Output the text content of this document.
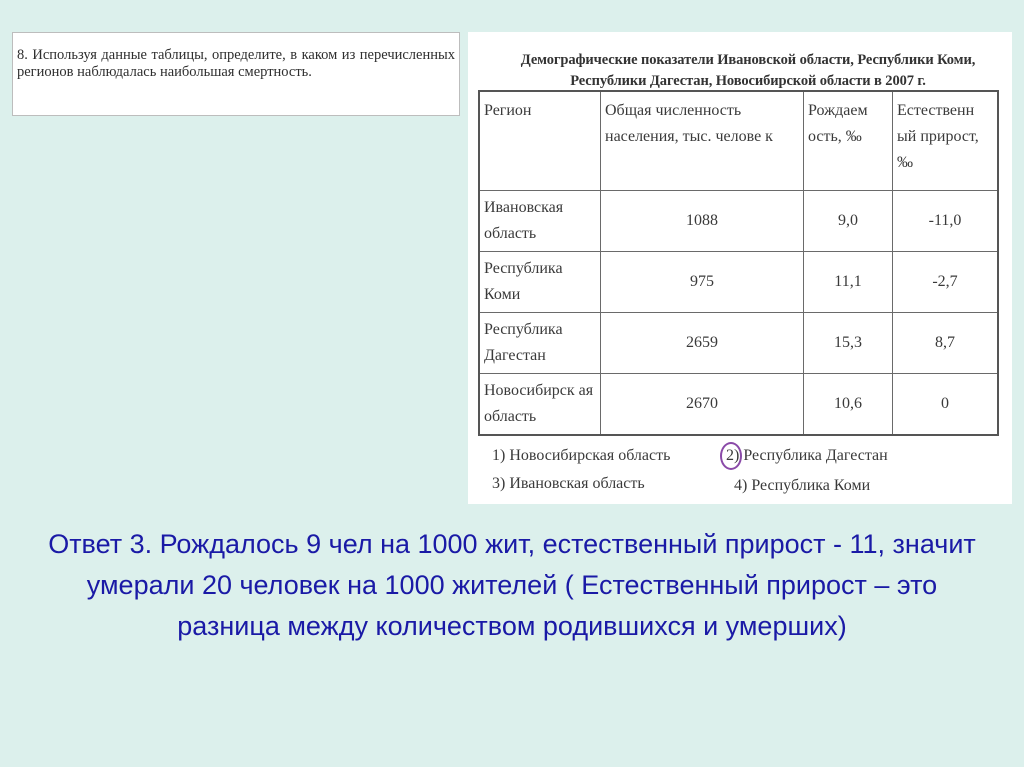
8. Используя данные таблицы, определите, в каком из перечисленных регионов наблюдалась наибольшая смертность.
Демографические показатели Ивановской области, Республики Коми, Республики Дагестан, Новосибирской области в 2007 г.
Регион	Общая численность населения, тыс. челове к	Рождаем ость, ‰	Естественн ый прирост, ‰
Ивановская область	1088	9,0	-11,0
Республика Коми	975	11,1	-2,7
Республика Дагестан	2659	15,3	8,7
Новосибирск ая область	2670	10,6	0
1) Новосибирская область	2) Республика Дагестан
3) Ивановская область	4) Республика Коми
Ответ 3. Рождалось 9 чел на 1000 жит, естественный прирост - 11, значит умерали 20 человек на 1000 жителей ( Естественный прирост – это разница между количеством родившихся и умерших)
